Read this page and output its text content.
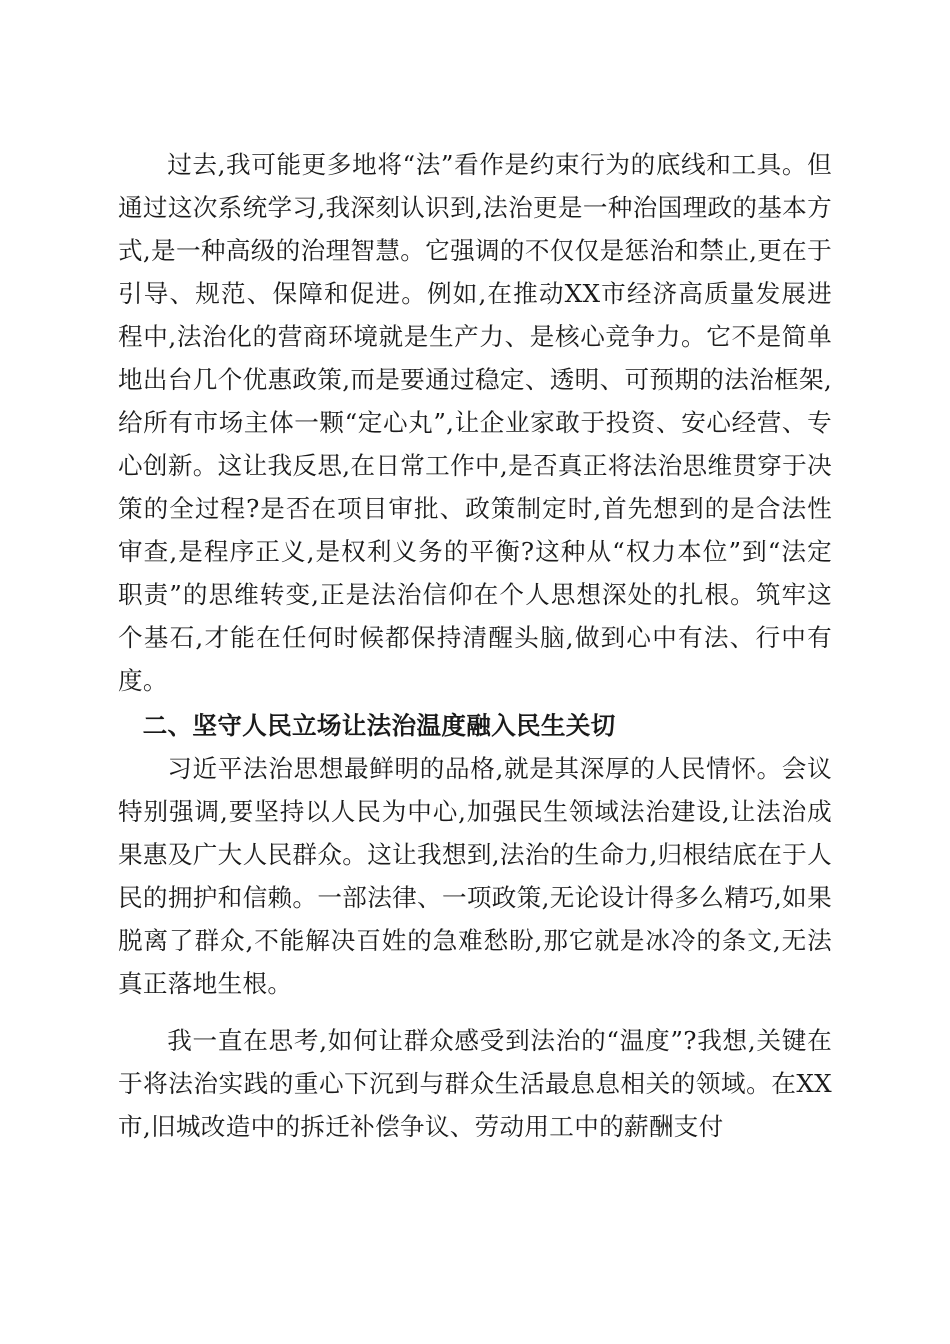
过去,我可能更多地将“法”看作是约束行为的底线和工具。但通过这次系统学习,我深刻认识到,法治更是一种治国理政的基本方式,是一种高级的治理智慧。它强调的不仅仅是惩治和禁止,更在于引导、规范、保障和促进。例如,在推动XX市经济高质量发展进程中,法治化的营商环境就是生产力、是核心竞争力。它不是简单地出台几个优惠政策,而是要通过稳定、透明、可预期的法治框架,给所有市场主体一颗“定心丸”,让企业家敢于投资、安心经营、专心创新。这让我反思,在日常工作中,是否真正将法治思维贯穿于决策的全过程?是否在项目审批、政策制定时,首先想到的是合法性审查,是程序正义,是权利义务的平衡?这种从“权力本位”到“法定职责”的思维转变,正是法治信仰在个人思想深处的扎根。筑牢这个基石,才能在任何时候都保持清醒头脑,做到心中有法、行中有度。

二、坚守人民立场让法治温度融入民生关切

习近平法治思想最鲜明的品格,就是其深厚的人民情怀。会议特别强调,要坚持以人民为中心,加强民生领域法治建设,让法治成果惠及广大人民群众。这让我想到,法治的生命力,归根结底在于人民的拥护和信赖。一部法律、一项政策,无论设计得多么精巧,如果脱离了群众,不能解决百姓的急难愁盼,那它就是冰冷的条文,无法真正落地生根。

我一直在思考,如何让群众感受到法治的“温度”?我想,关键在于将法治实践的重心下沉到与群众生活最息息相关的领域。在XX市,旧城改造中的拆迁补偿争议、劳动用工中的薪酬支付
